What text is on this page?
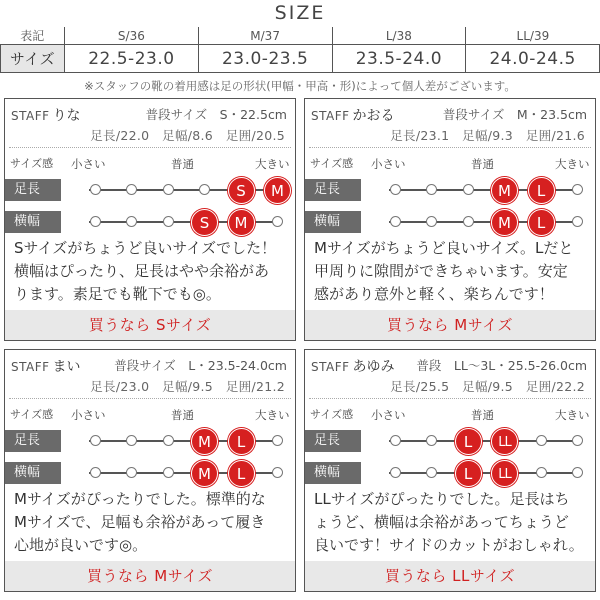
SIZE
表記	S/36	M/37	L/38	LL/39
サイズ	22.5-23.0	23.0-23.5	23.5-24.0	24.0-24.5
※スタッフの靴の着用感は足の形状(甲幅・甲高・形)によって個人差がございます。
STAFF りな	普段サイズ　S・22.5cm
足長/22.0　足幅/8.6　足囲/20.5
サイズ感 小さい	普通	大きい
足長	S	M
横幅	S	M
Sサイズがちょうど良いサイズでした！
横幅はぴったり、足長はやや余裕があ
ります。素足でも靴下でも◎。
買うなら Sサイズ
STAFF かおる	普段サイズ　M・23.5cm
足長/23.1　足幅/9.3　足囲/21.6
サイズ感 小さい	普通	大きい
足長	M	L
横幅	M	L
Mサイズがちょうど良いサイズ。Lだと
甲周りに隙間ができちゃいます。安定
感があり意外と軽く、楽ちんです！
買うなら Mサイズ
STAFF まい	普段サイズ　L・23.5-24.0cm
足長/23.0　足幅/9.5　足囲/21.2
サイズ感 小さい	普通	大きい
足長	M	L
横幅	M	L
Mサイズがぴったりでした。標準的な
Mサイズで、足幅も余裕があって履き
心地が良いです◎。
買うなら Mサイズ
STAFF あゆみ 普段　LL〜3L・25.5-26.0cm
足長/25.5　足幅/9.5　足囲/22.2
サイズ感 小さい	普通	大きい
足長	L	LL
横幅	L	LL
LLサイズがぴったりでした。足長はち
ょうど、横幅は余裕があってちょうど
良いです！サイドのカットがおしゃれ。
買うなら LLサイズ
